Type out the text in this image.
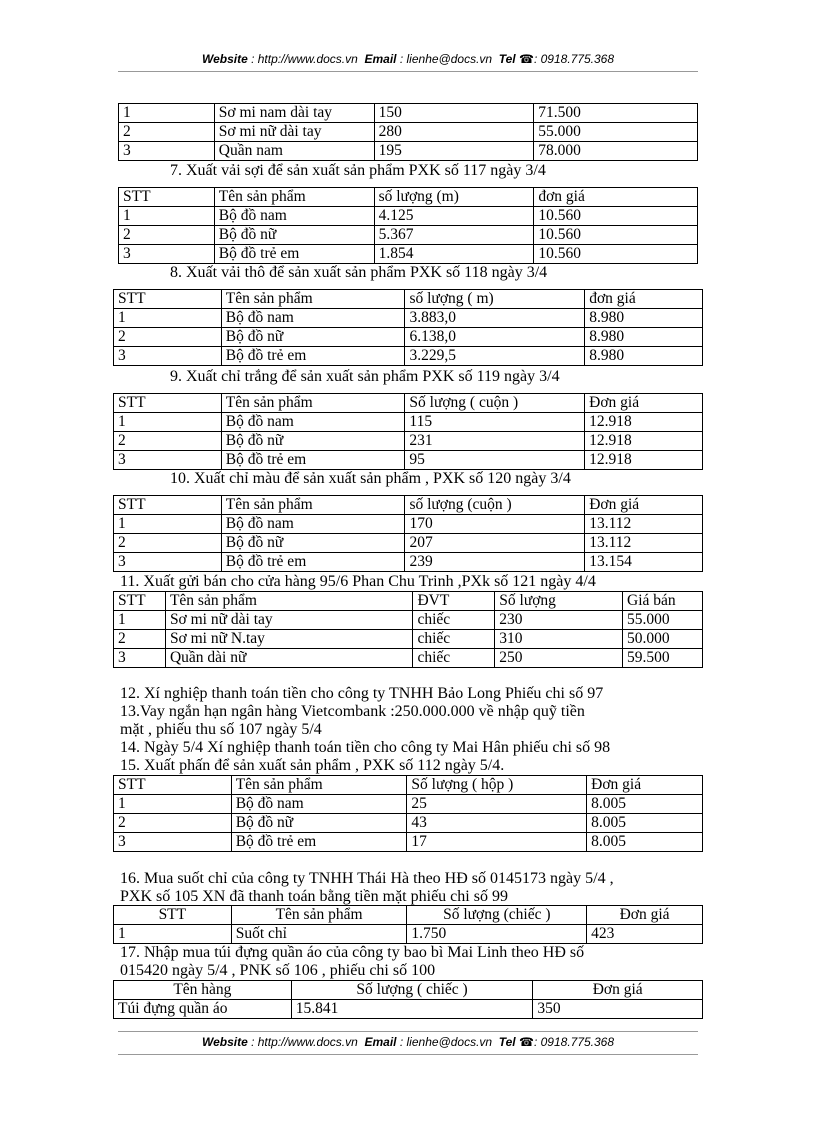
Website : http://www.docs.vn Email : lienhe@docs.vn Tel ☎: 0918.775.368
1	Sơ mi nam dài tay	150	71.500
2	Sơ mi nữ dài tay	280	55.000
3	Quần nam	195	78.000
7. Xuất vải sợi để sản xuất sản phẩm PXK số 117 ngày 3/4
STT	Tên sản phẩm	số lượng (m)	đơn giá
1	Bộ đồ nam	4.125	10.560
2	Bộ đồ nữ	5.367	10.560
3	Bộ đồ trẻ em	1.854	10.560
8. Xuất vải thô để sản xuất sản phẩm PXK số 118 ngày 3/4
STT	Tên sản phẩm	số lượng ( m)	đơn giá
1	Bộ đồ nam	3.883,0	8.980
2	Bộ đồ nữ	6.138,0	8.980
3	Bộ đồ trẻ em	3.229,5	8.980
9. Xuất chỉ trắng để sản xuất sản phẩm PXK số 119 ngày 3/4
STT	Tên sản phẩm	Số lượng ( cuộn )	Đơn giá
1	Bộ đồ nam	115	12.918
2	Bộ đồ nữ	231	12.918
3	Bộ đồ trẻ em	95	12.918
10. Xuất chỉ màu để sản xuất sản phẩm , PXK số 120 ngày 3/4
STT	Tên sản phẩm	số lượng (cuộn )	Đơn giá
1	Bộ đồ nam	170	13.112
2	Bộ đồ nữ	207	13.112
3	Bộ đồ trẻ em	239	13.154
11. Xuất gửi bán cho cửa hàng 95/6 Phan Chu Trinh ,PXk số 121 ngày 4/4
STT	Tên sản phẩm	ĐVT	Số lượng	Giá bán
1	Sơ mi nữ dài tay	chiếc	230	55.000
2	Sơ mi nữ N.tay	chiếc	310	50.000
3	Quần dài nữ	chiếc	250	59.500
12. Xí nghiệp thanh toán tiền cho công ty TNHH Bảo Long Phiếu chi số 97
13.Vay ngắn hạn ngân hàng Vietcombank :250.000.000 về nhập quỹ tiền
mặt , phiếu thu số 107 ngày 5/4
14. Ngày 5/4 Xí nghiệp thanh toán tiền cho công ty Mai Hân phiếu chi số 98
15. Xuất phấn để sản xuất sản phẩm , PXK số 112 ngày 5/4.
STT	Tên sản phẩm	Số lượng ( hộp )	Đơn giá
1	Bộ đồ nam	25	8.005
2	Bộ đồ nữ	43	8.005
3	Bộ đồ trẻ em	17	8.005
16. Mua suốt chỉ của công ty TNHH Thái Hà theo HĐ số 0145173 ngày 5/4 ,
PXK số 105 XN đã thanh toán bằng tiền mặt phiếu chi số 99
STT	Tên sản phẩm	Số lượng (chiếc )	Đơn giá
1	Suốt chỉ	1.750	423
17. Nhập mua túi đựng quần áo của công ty bao bì Mai Linh theo HĐ số
015420 ngày 5/4 , PNK số 106 , phiếu chi số 100
Tên hàng	Số lượng ( chiếc )	Đơn giá
Túi đựng quần áo	15.841	350
Website : http://www.docs.vn Email : lienhe@docs.vn Tel ☎: 0918.775.368
